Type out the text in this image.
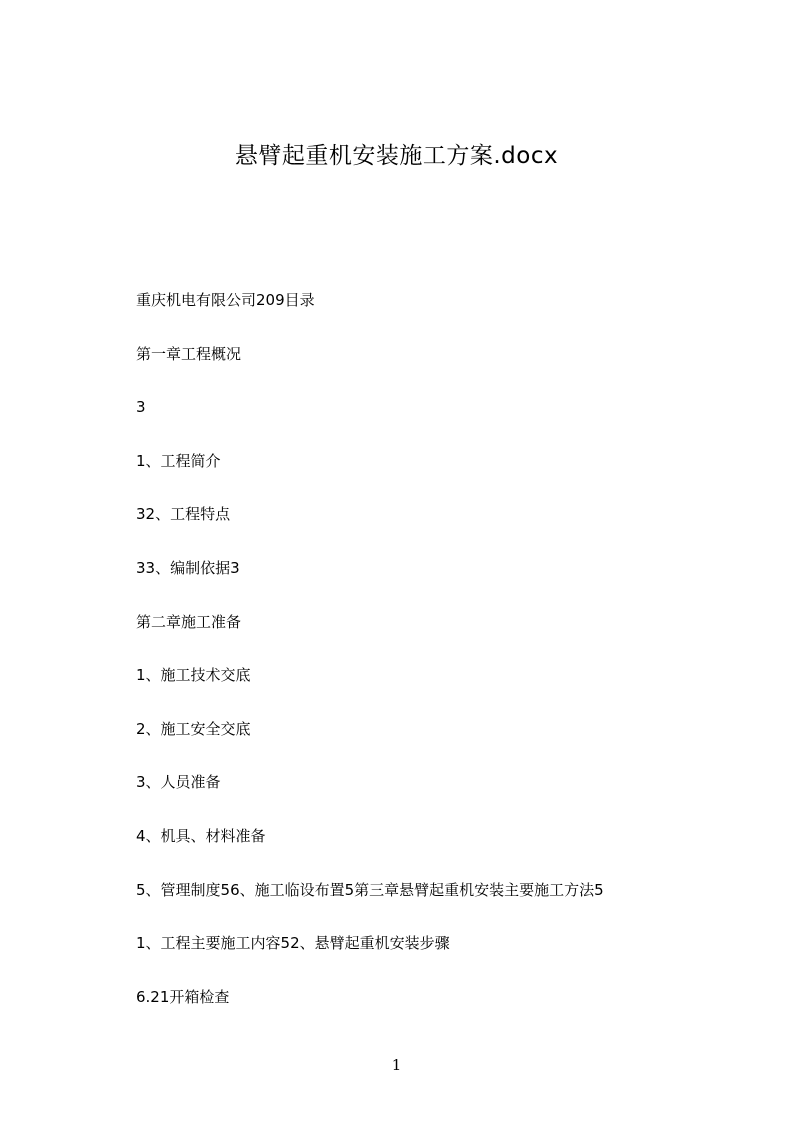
悬臂起重机安装施工方案.docx
重庆机电有限公司209目录
第一章工程概况
3
1、工程简介
32、工程特点
33、编制依据3
第二章施工准备
1、施工技术交底
2、施工安全交底
3、人员准备
4、机具、材料准备
5、管理制度56、施工临设布置5第三章悬臂起重机安装主要施工方法5
1、工程主要施工内容52、悬臂起重机安装步骤
6.21开箱检查
1
